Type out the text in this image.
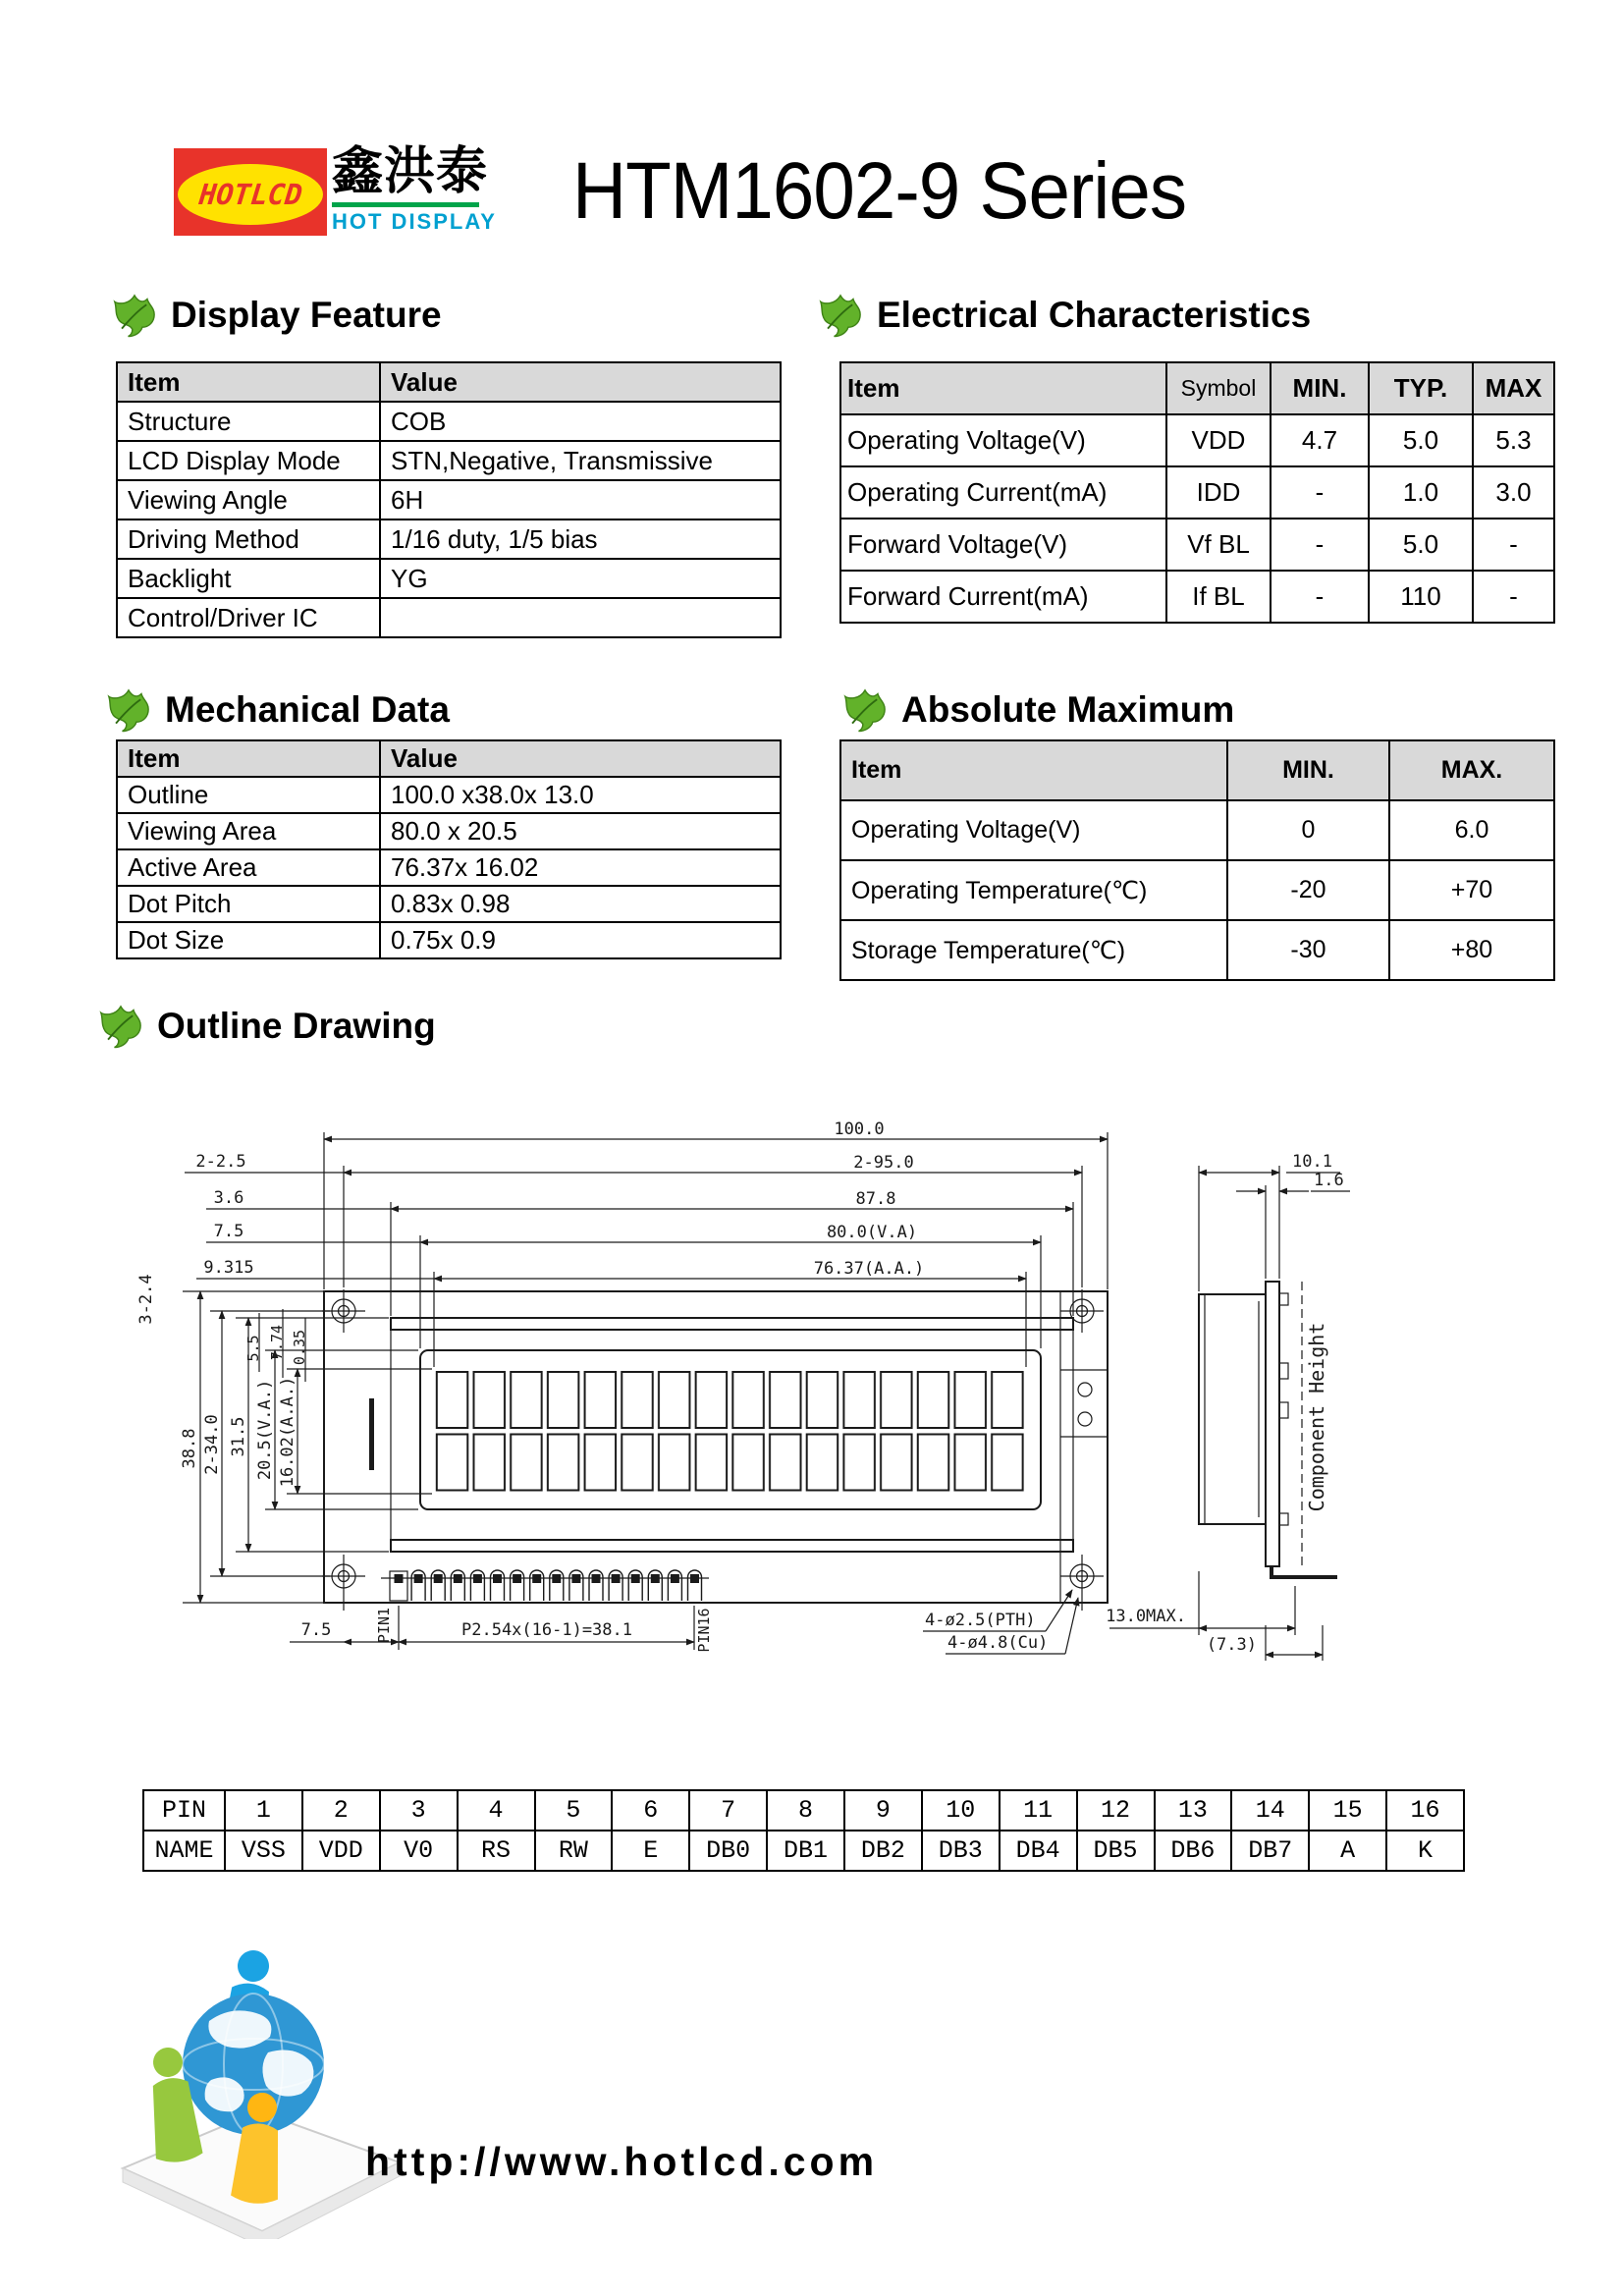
HOTLCD 鑫洪泰
HOT DISPLAY HTM1602-9 Series
Display Feature	Electrical Characteristics
Mechanical Data	Absolute Maximum
Outline Drawing
Item	Value
Structure	COB
LCD Display Mode	STN,Negative, Transmissive
Viewing Angle	6H
Driving Method	1/16 duty, 1/5 bias
Backlight	YG
Control/Driver IC	
Item	Symbol	MIN.	TYP.	MAX
Operating Voltage(V)	VDD	4.7	5.0	5.3
Operating Current(mA)	IDD	-	1.0	3.0
Forward Voltage(V)	Vf BL	-	5.0	-
Forward Current(mA)	If BL	-	110	-
Item	Value
Outline	100.0 x38.0x 13.0
Viewing Area	80.0 x 20.5
Active Area	76.37x 16.02
Dot Pitch	0.83x 0.98
Dot Size	0.75x 0.9
Item	MIN.	MAX.
Operating Voltage(V)	0	6.0
Operating Temperature(℃)	-20	+70
Storage Temperature(℃)	-30	+80
100.0
2-95.0
87.8
80.0(V.A)
76.37(A.A.)
2-2.5
3.6
7.5
9.315
38.8 2-34.0 31.5 20.5(V.A.) 16.02(A.A.)
3-2.4
5.5 7.74 0.35
7.5	P2.54x(16-1)=38.1
PIN1	PIN16	4-ø2.5(PTH)
4-ø4.8(Cu)
Component Height
10.1
1.6
13.0MAX.
(7.3)
PIN	1	2	3	4	5	6	7	8	9	10	11	12	13	14	15	16
NAME	VSS	VDD	V0	RS	RW	E	DB0	DB1	DB2	DB3	DB4	DB5	DB6	DB7	A	K
http://www.hotlcd.com
